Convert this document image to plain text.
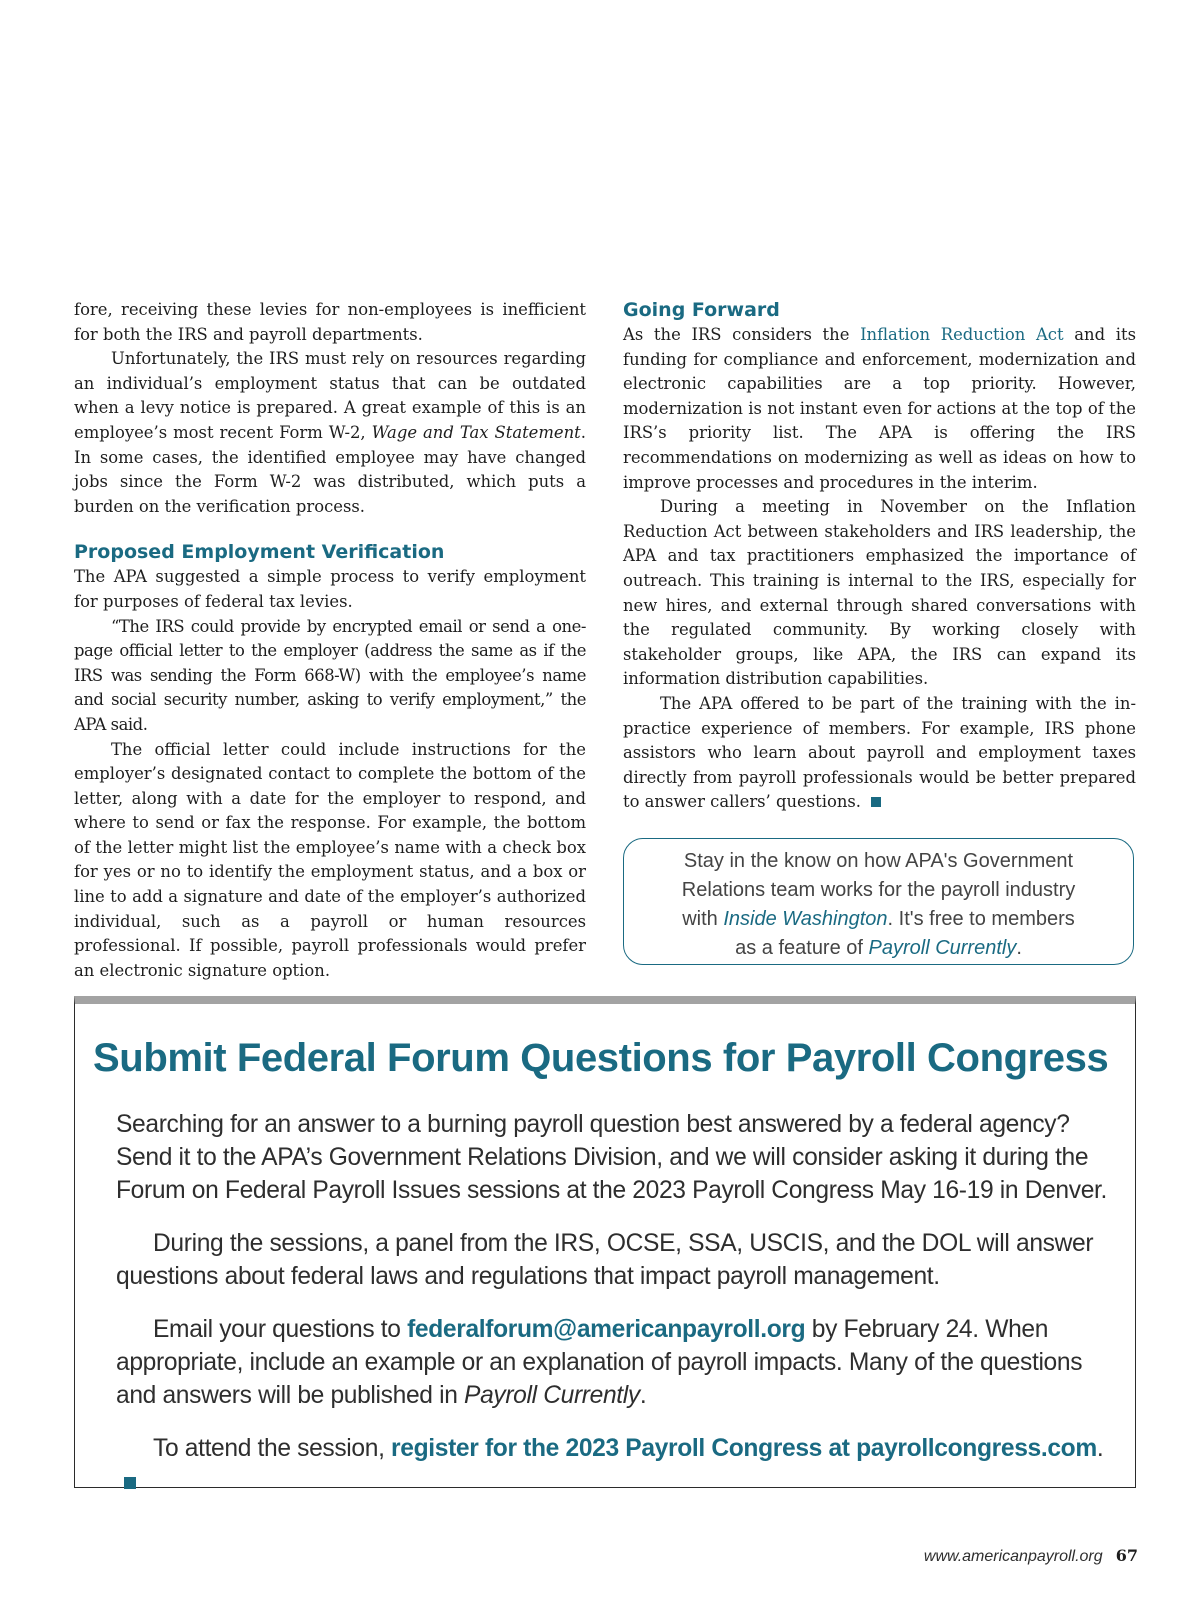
fore, receiving these levies for non-employees is inefficient for both the IRS and payroll departments.

Unfortunately, the IRS must rely on resources regarding an individual’s employment status that can be outdated when a levy notice is prepared. A great example of this is an employee’s most recent Form W-2, Wage and Tax Statement. In some cases, the identified employee may have changed jobs since the Form W-2 was distributed, which puts a burden on the verification process.

Proposed Employment Verification

The APA suggested a simple process to verify employment for purposes of federal tax levies.

“The IRS could provide by encrypted email or send a one-page official letter to the employer (address the same as if the IRS was sending the Form 668-W) with the employee’s name and social security number, asking to verify employment,” the APA said.

The official letter could include instructions for the employer’s designated contact to complete the bottom of the letter, along with a date for the employer to respond, and where to send or fax the response. For example, the bottom of the letter might list the employee’s name with a check box for yes or no to identify the employment status, and a box or line to add a signature and date of the employer’s authorized individual, such as a payroll or human resources professional. If possible, payroll professionals would prefer an electronic signature option.

Going Forward

As the IRS considers the Inflation Reduction Act and its funding for compliance and enforcement, modernization and electronic capabilities are a top priority. However, modernization is not instant even for actions at the top of the IRS’s priority list. The APA is offering the IRS recommendations on modernizing as well as ideas on how to improve processes and procedures in the interim.

During a meeting in November on the Inflation Reduction Act between stakeholders and IRS leadership, the APA and tax practitioners emphasized the importance of outreach. This training is internal to the IRS, especially for new hires, and external through shared conversations with the regulated community. By working closely with stakeholder groups, like APA, the IRS can expand its information distribution capabilities.

The APA offered to be part of the training with the in-practice experience of members. For example, IRS phone assistors who learn about payroll and employment taxes directly from payroll professionals would be better prepared to answer callers’ questions.

Stay in the know on how APA's Government
Relations team works for the payroll industry
with Inside Washington. It's free to members
as a feature of Payroll Currently.
Submit Federal Forum Questions for Payroll Congress

Searching for an answer to a burning payroll question best answered by a federal agency? Send it to the APA’s Government Relations Division, and we will consider asking it during the Forum on Federal Payroll Issues sessions at the 2023 Payroll Congress May 16-19 in Denver.

During the sessions, a panel from the IRS, OCSE, SSA, USCIS, and the DOL will answer questions about federal laws and regulations that impact payroll management.

Email your questions to federalforum@americanpayroll.org by February 24. When appropriate, include an example or an explanation of payroll impacts. Many of the questions and answers will be published in Payroll Currently.

To attend the session, register for the 2023 Payroll Congress at payrollcongress.com.

www.americanpayroll.org 67
